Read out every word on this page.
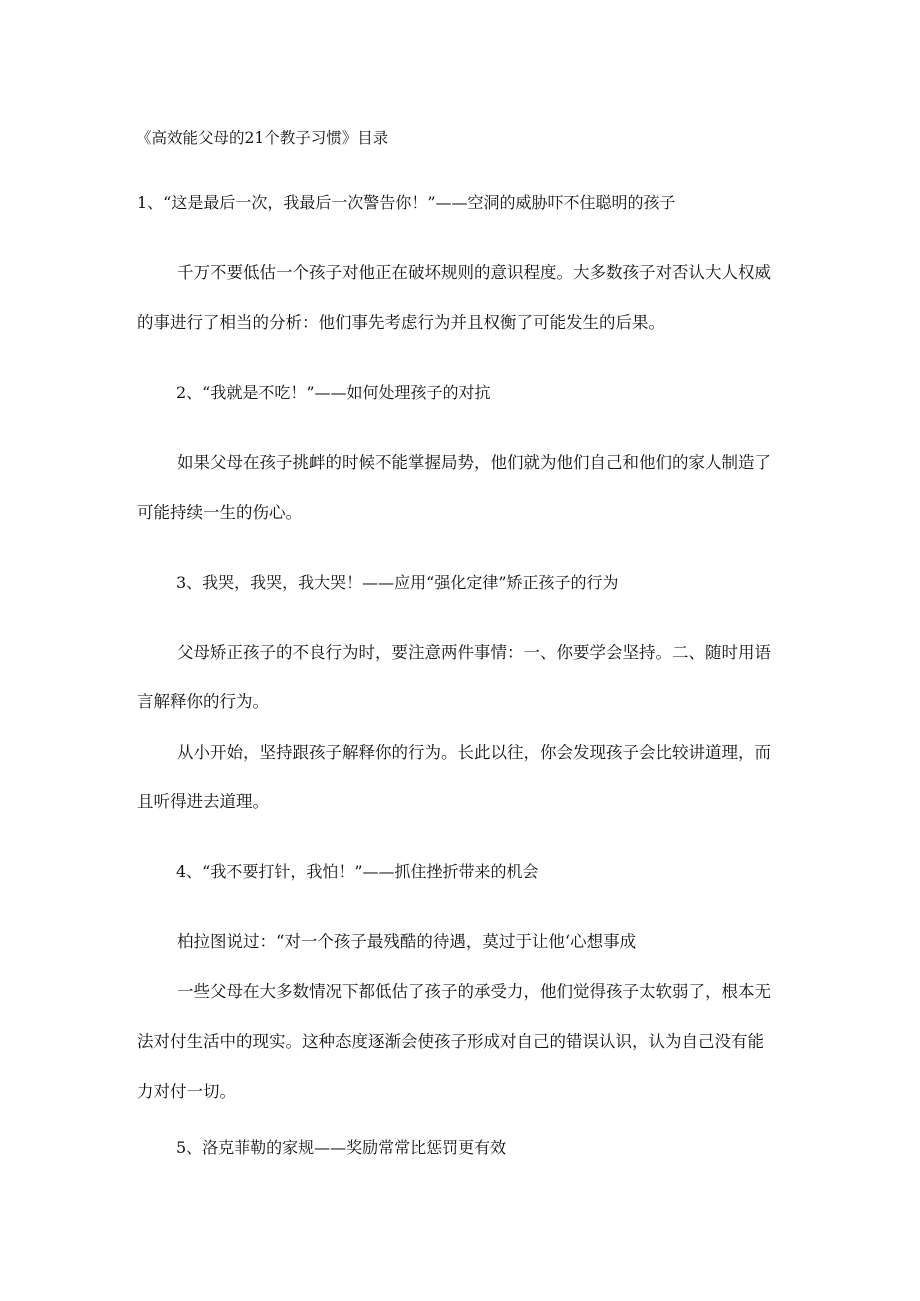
《高效能父母的21个教子习惯》目录
1、“这是最后一次，我最后一次警告你！”——空洞的威胁吓不住聪明的孩子
千万不要低估一个孩子对他正在破坏规则的意识程度。大多数孩子对否认大人权威
的事进行了相当的分析：他们事先考虑行为并且权衡了可能发生的后果。
2、“我就是不吃！”——如何处理孩子的对抗
如果父母在孩子挑衅的时候不能掌握局势，他们就为他们自己和他们的家人制造了
可能持续一生的伤心。
3、我哭，我哭，我大哭！——应用“强化定律”矫正孩子的行为
父母矫正孩子的不良行为时，要注意两件事情：一、你要学会坚持。二、随时用语
言解释你的行为。
从小开始，坚持跟孩子解释你的行为。长此以往，你会发现孩子会比较讲道理，而
且听得进去道理。
4、“我不要打针，我怕！”——抓住挫折带来的机会
柏拉图说过：“对一个孩子最残酷的待遇，莫过于让他‘心想事成
一些父母在大多数情况下都低估了孩子的承受力，他们觉得孩子太软弱了，根本无
法对付生活中的现实。这种态度逐渐会使孩子形成对自己的错误认识，认为自己没有能
力对付一切。
5、洛克菲勒的家规——奖励常常比惩罚更有效
